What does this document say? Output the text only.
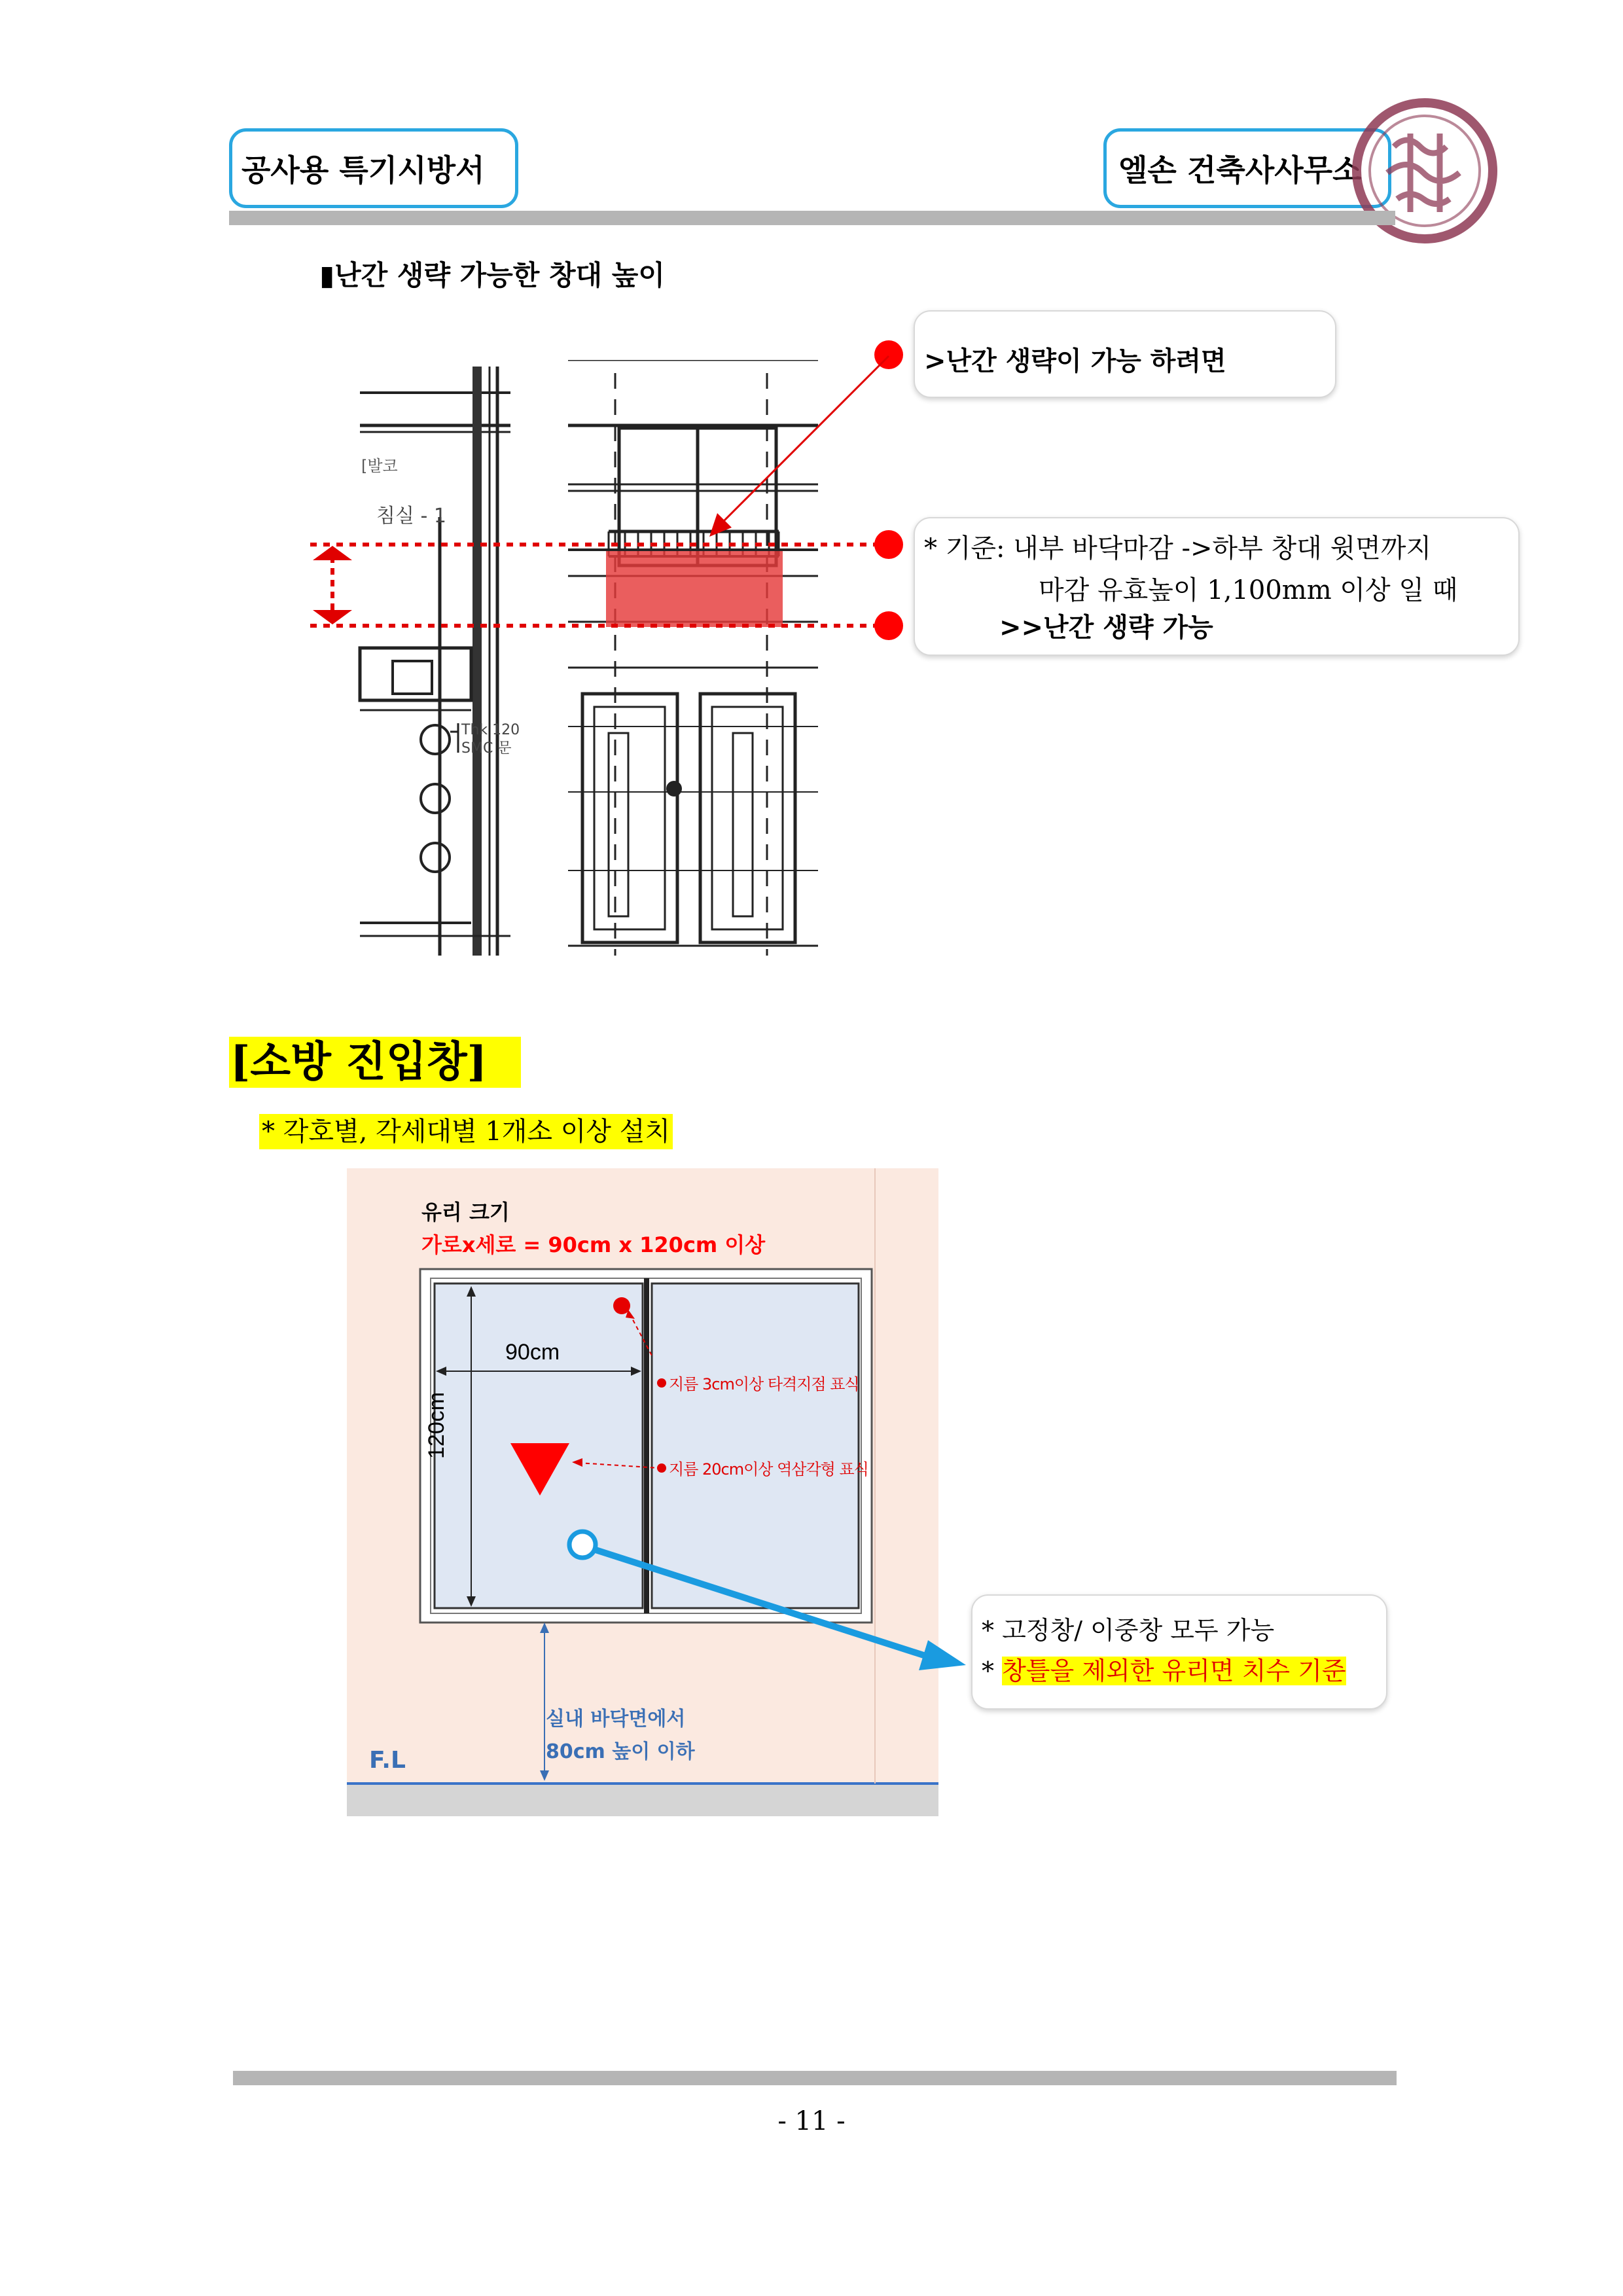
공사용 특기시방서	엘손 건축사사무소
▮난간 생략 가능한 창대 높이
[발코
침실 - 1
Thk 120
SMC 문
>난간 생략이 가능 하려면
* 기준: 내부 바닥마감 ->하부 창대 윗면까지
마감 유효높이 1,100mm 이상 일 때
>>난간 생략 가능
[소방 진입창]
* 각호별, 각세대별 1개소 이상 설치
유리 크기
가로x세로 = 90cm x 120cm 이상
90cm
120cm
지름 3cm이상 타격지점 표식
지름 20cm이상 역삼각형 표식
실내 바닥면에서
80cm 높이 이하
F.L
* 고정창/ 이중창 모두 가능
* 창틀을 제외한 유리면 치수 기준
- 11 -
